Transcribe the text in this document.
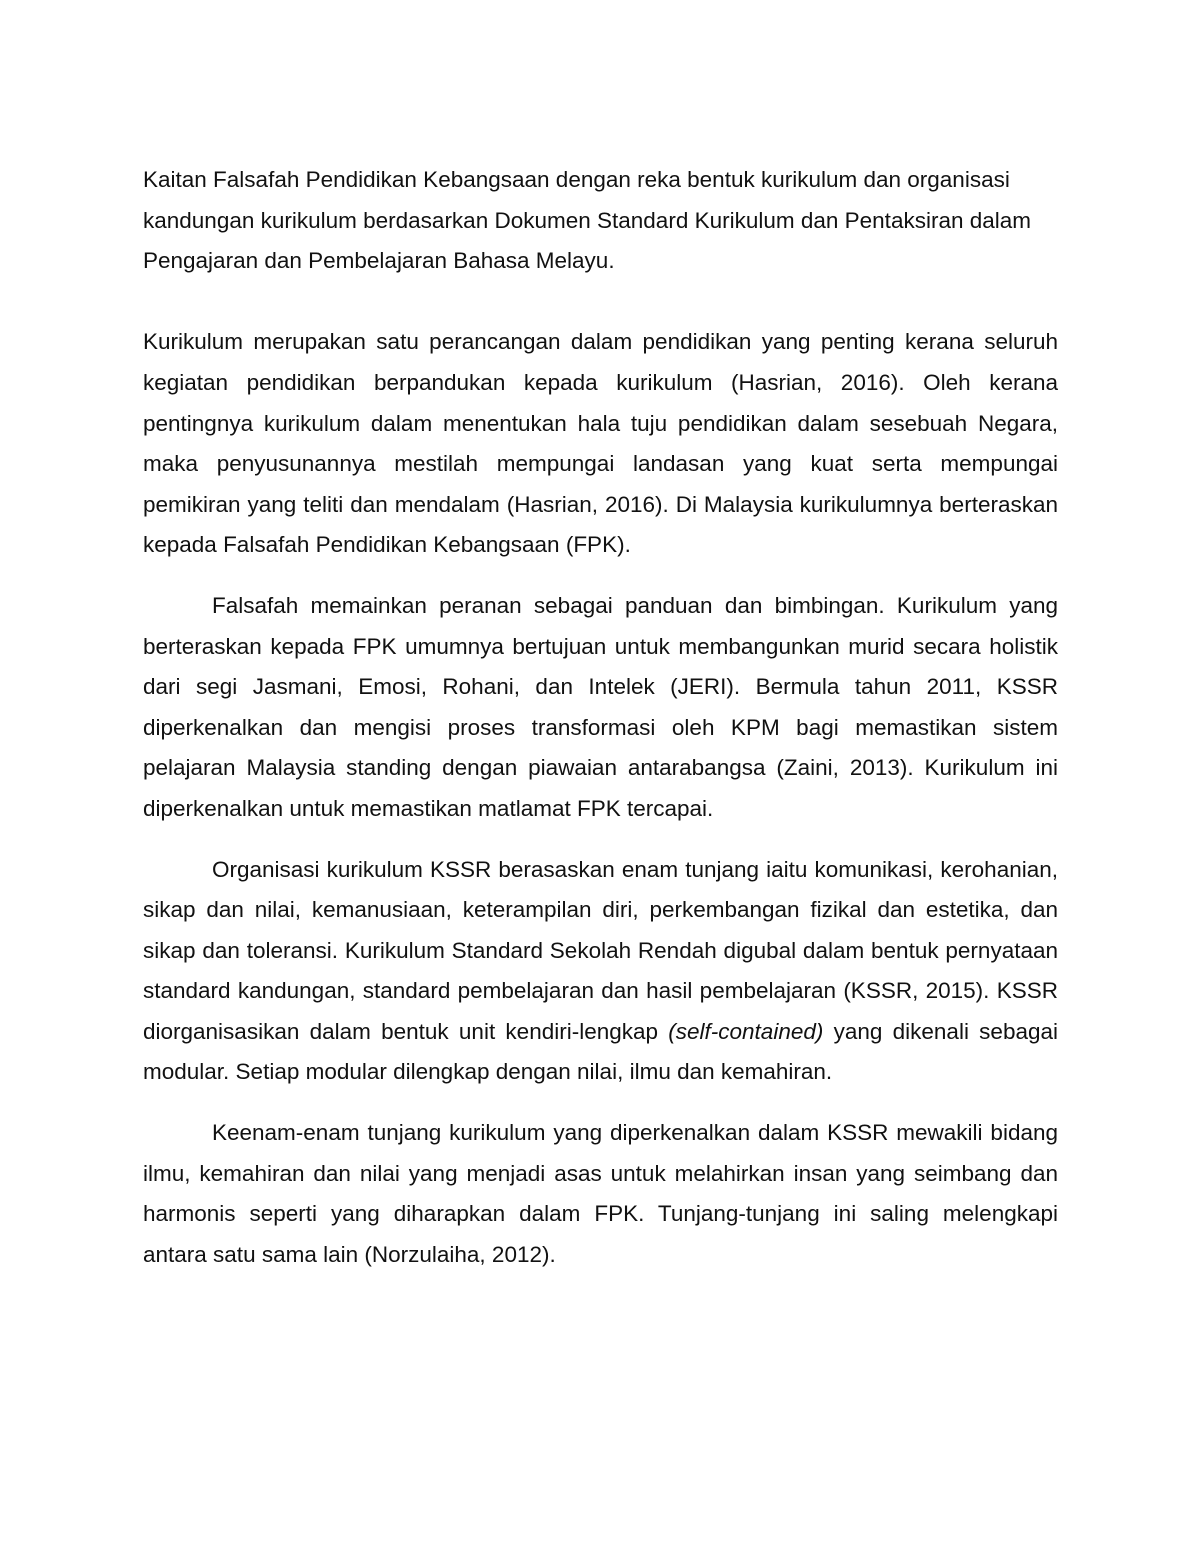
Kaitan Falsafah Pendidikan Kebangsaan dengan reka bentuk kurikulum dan organisasi kandungan kurikulum berdasarkan Dokumen Standard Kurikulum dan Pentaksiran dalam Pengajaran dan Pembelajaran Bahasa Melayu.

Kurikulum merupakan satu perancangan dalam pendidikan yang penting kerana seluruh kegiatan pendidikan berpandukan kepada kurikulum (Hasrian, 2016). Oleh kerana pentingnya kurikulum dalam menentukan hala tuju pendidikan dalam sesebuah Negara, maka penyusunannya mestilah mempungai landasan yang kuat serta mempungai pemikiran yang teliti dan mendalam (Hasrian, 2016). Di Malaysia kurikulumnya berteraskan kepada Falsafah Pendidikan Kebangsaan (FPK).

Falsafah memainkan peranan sebagai panduan dan bimbingan. Kurikulum yang berteraskan kepada FPK umumnya bertujuan untuk membangunkan murid secara holistik dari segi Jasmani, Emosi, Rohani, dan Intelek (JERI). Bermula tahun 2011, KSSR diperkenalkan dan mengisi proses transformasi oleh KPM bagi memastikan sistem pelajaran Malaysia standing dengan piawaian antarabangsa (Zaini, 2013). Kurikulum ini diperkenalkan untuk memastikan matlamat FPK tercapai.

Organisasi kurikulum KSSR berasaskan enam tunjang iaitu komunikasi, kerohanian, sikap dan nilai, kemanusiaan, keterampilan diri, perkembangan fizikal dan estetika, dan sikap dan toleransi. Kurikulum Standard Sekolah Rendah digubal dalam bentuk pernyataan standard kandungan, standard pembelajaran dan hasil pembelajaran (KSSR, 2015). KSSR diorganisasikan dalam bentuk unit kendiri-lengkap (self-contained) yang dikenali sebagai modular. Setiap modular dilengkap dengan nilai, ilmu dan kemahiran.

Keenam-enam tunjang kurikulum yang diperkenalkan dalam KSSR mewakili bidang ilmu, kemahiran dan nilai yang menjadi asas untuk melahirkan insan yang seimbang dan harmonis seperti yang diharapkan dalam FPK. Tunjang-tunjang ini saling melengkapi antara satu sama lain (Norzulaiha, 2012).
